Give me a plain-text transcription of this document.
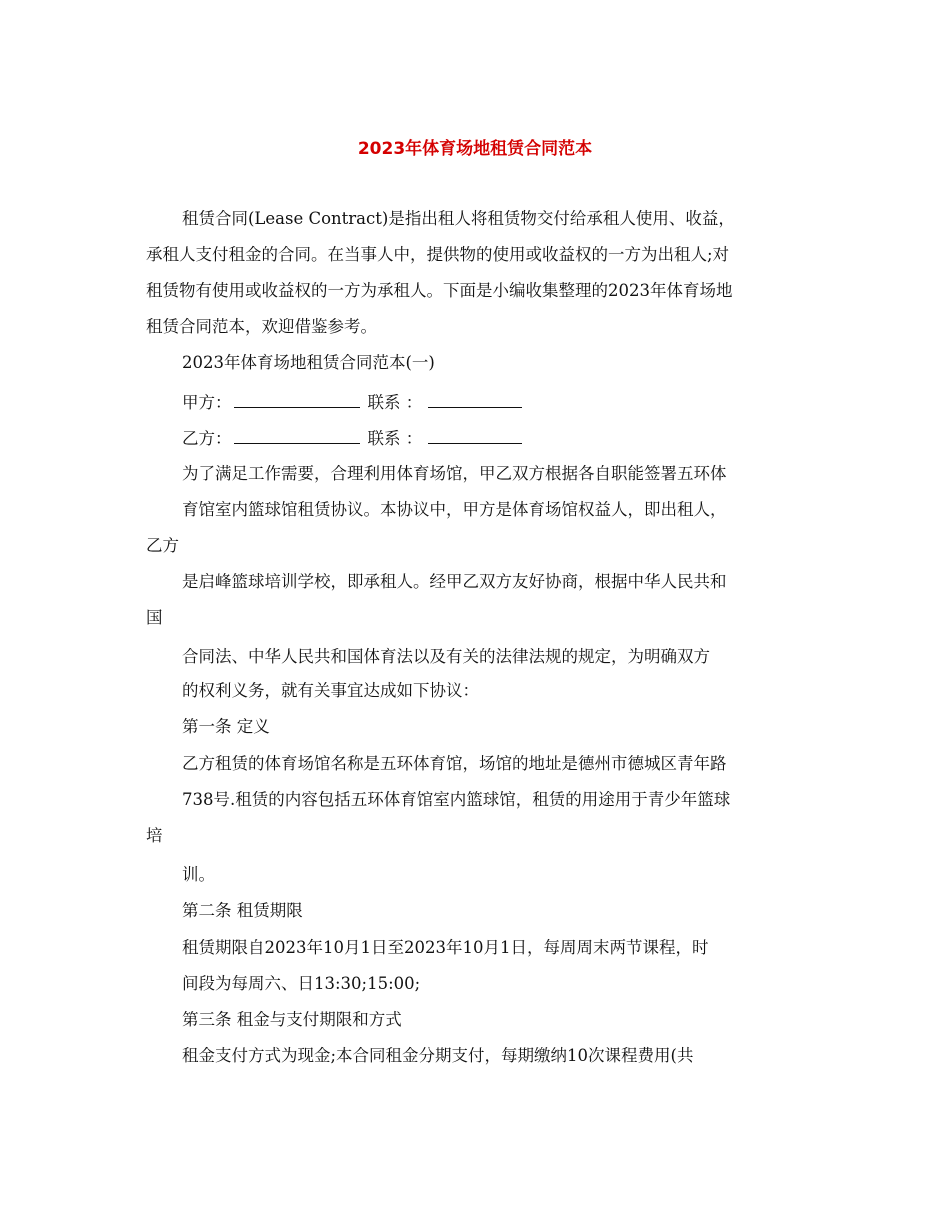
2023年体育场地租赁合同范本

租赁合同(Lease Contract)是指出租人将租赁物交付给承租人使用、收益，

承租人支付租金的合同。在当事人中，提供物的使用或收益权的一方为出租人;对

租赁物有使用或收益权的一方为承租人。下面是小编收集整理的2023年体育场地

租赁合同范本，欢迎借鉴参考。

2023年体育场地租赁合同范本(一)

甲方：	联系 ：

乙方：	联系 ：

为了满足工作需要，合理利用体育场馆，甲乙双方根据各自职能签署五环体

育馆室内篮球馆租赁协议。本协议中，甲方是体育场馆权益人，即出租人，

乙方

是启峰篮球培训学校，即承租人。经甲乙双方友好协商，根据中华人民共和

国

合同法、中华人民共和国体育法以及有关的法律法规的规定，为明确双方

的权利义务，就有关事宜达成如下协议：

第一条 定义

乙方租赁的体育场馆名称是五环体育馆，场馆的地址是德州市德城区青年路

738号.租赁的内容包括五环体育馆室内篮球馆，租赁的用途用于青少年篮球

培

训。

第二条 租赁期限

租赁期限自2023年10月1日至2023年10月1日，每周周末两节课程，时

间段为每周六、日13:30;15:00;

第三条 租金与支付期限和方式

租金支付方式为现金;本合同租金分期支付，每期缴纳10次课程费用(共
